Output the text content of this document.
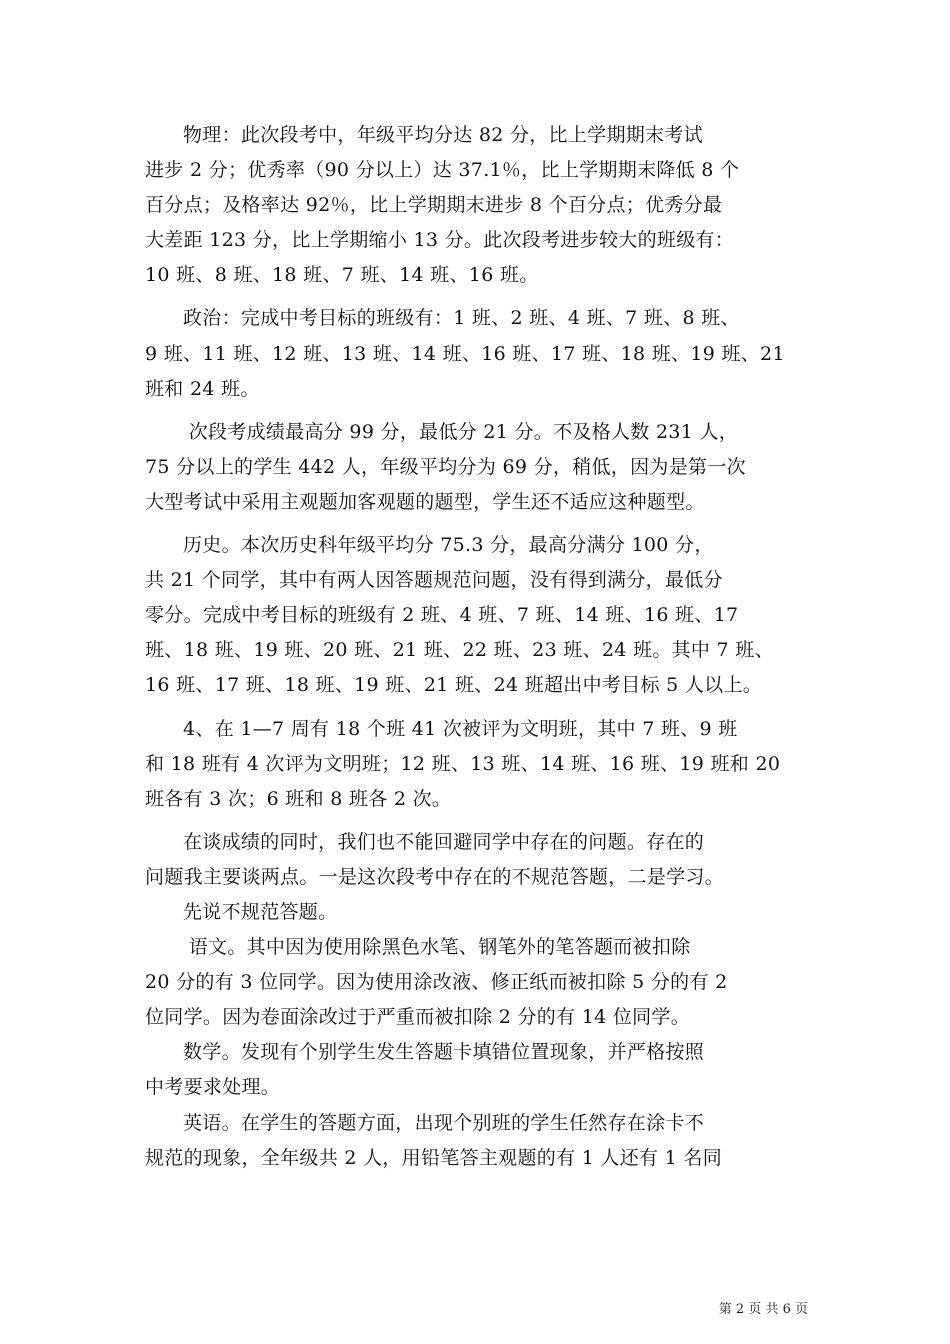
物理：此次段考中，年级平均分达 82 分，比上学期期末考试
进步 2 分；优秀率（90 分以上）达 37.1％，比上学期期末降低 8 个
百分点；及格率达 92％，比上学期期末进步 8 个百分点；优秀分最
大差距 123 分，比上学期缩小 13 分。此次段考进步较大的班级有：
10 班、8 班、18 班、7 班、14 班、16 班。

政治：完成中考目标的班级有：1 班、2 班、4 班、7 班、8 班、
9 班、11 班、12 班、13 班、14 班、16 班、17 班、18 班、19 班、21
班和 24 班。

次段考成绩最高分 99 分，最低分 21 分。不及格人数 231 人，
75 分以上的学生 442 人，年级平均分为 69 分，稍低，因为是第一次
大型考试中采用主观题加客观题的题型，学生还不适应这种题型。

历史。本次历史科年级平均分 75.3 分，最高分满分 100 分，
共 21 个同学，其中有两人因答题规范问题，没有得到满分，最低分
零分。完成中考目标的班级有 2 班、4 班、7 班、14 班、16 班、17
班、18 班、19 班、20 班、21 班、22 班、23 班、24 班。其中 7 班、
16 班、17 班、18 班、19 班、21 班、24 班超出中考目标 5 人以上。

4、在 1—7 周有 18 个班 41 次被评为文明班，其中 7 班、9 班
和 18 班有 4 次评为文明班；12 班、13 班、14 班、16 班、19 班和 20
班各有 3 次；6 班和 8 班各 2 次。

在谈成绩的同时，我们也不能回避同学中存在的问题。存在的
问题我主要谈两点。一是这次段考中存在的不规范答题，二是学习。

先说不规范答题。

语文。其中因为使用除黑色水笔、钢笔外的笔答题而被扣除
20 分的有 3 位同学。因为使用涂改液、修正纸而被扣除 5 分的有 2
位同学。因为卷面涂改过于严重而被扣除 2 分的有 14 位同学。

数学。发现有个别学生发生答题卡填错位置现象，并严格按照
中考要求处理。

英语。在学生的答题方面，出现个别班的学生任然存在涂卡不
规范的现象，全年级共 2 人，用铅笔答主观题的有 1 人还有 1 名同

第 2 页 共 6 页
